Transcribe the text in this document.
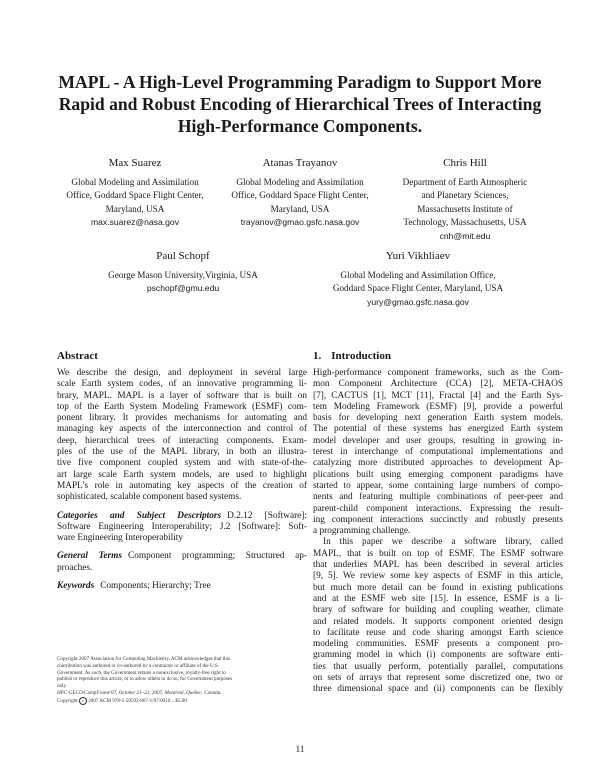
MAPL - A High-Level Programming Paradigm to Support More
Rapid and Robust Encoding of Hierarchical Trees of Interacting
High-Performance Components.
Max Suarez
Global Modeling and Assimilation
Office, Goddard Space Flight Center,
Maryland, USA
max.suarez@nasa.gov
Atanas Trayanov
Global Modeling and Assimilation
Office, Goddard Space Flight Center,
Maryland, USA
trayanov@gmao.gsfc.nasa.gov
Chris Hill
Department of Earth Atmospheric
and Planetary Sciences,
Massachusetts Institute of
Technology, Massachusetts, USA
cnh@mit.edu
Paul Schopf
George Mason University,Virginia, USA
pschopf@gmu.edu
Yuri Vikhliaev
Global Modeling and Assimilation Office,
Goddard Space Flight Center, Maryland, USA
yury@gmao.gsfc.nasa.gov
Abstract
We describe the design, and deployment in several large
scale Earth system codes, of an innovative programming li-
brary, MAPL. MAPL is a layer of software that is built on
top of the Earth System Modeling Framework (ESMF) com-
ponent library. It provides mechanisms for automating and
managing key aspects of the interconnection and control of
deep, hierarchical trees of interacting components. Exam-
ples of the use of the MAPL library, in both an illustra-
tive five component coupled system and with state-of-the-
art large scale Earth system models, are used to highlight
MAPL's role in automating key aspects of the creation of
sophisticated, scalable component based systems.
Categories and Subject Descriptors D.2.12 [Software]:
Software Engineering Interoperability; J.2 [Software]: Soft-
ware Engineering Interoperability
General Terms Component programming; Structured ap-
proaches.
Keywords Components; Hierarchy; Tree
Copyright 2007 Association for Computing Machinery. ACM acknowledges that this
contribution was authored or co-authored by a contractor or affiliate of the U.S.
Government. As such, the Government retains a nonexclusive, royalty-free right to
publish or reproduce this article, or to allow others to do so, for Government purposes
only.
HPC-GECO/CompFrame'07, October 21–22, 2007, Montréal, Québec, Canada.
Copyright c 2007 ACM 978-1-59593-867-1/07/0010 ...$5.00
1. Introduction
High-performance component frameworks, such as the Com-
mon Component Architecture (CCA) [2], META-CHAOS
[7], CACTUS [1], MCT [11], Fractal [4] and the Earth Sys-
tem Modeling Framework (ESMF) [9], provide a powerful
basis for developing next generation Earth system models.
The potential of these systems has energized Earth system
model developer and user groups, resulting in growing in-
terest in interchange of computational implementations and
catalyzing more distributed approaches to development Ap-
plications built using emerging component paradigms have
started to appear, some containing large numbers of compo-
nents and featuring multiple combinations of peer-peer and
parent-child component interactions. Expressing the result-
ing component interactions succinctly and robustly presents
a programming challenge.
In this paper we describe a software library, called
MAPL, that is built on top of ESMF. The ESMF software
that underlies MAPL has been described in several articles
[9, 5]. We review some key aspects of ESMF in this article,
but much more detail can be found in existing publications
and at the ESMF web site [15]. In essence, ESMF is a li-
brary of software for building and coupling weather, climate
and related models. It supports component oriented design
to facilitate reuse and code sharing amongst Earth science
modeling communities. ESMF presents a component pro-
gramming model in which (i) components are software enti-
ties that usually perform, potentially parallel, computations
on sets of arrays that represent some discretized one, two or
three dimensional space and (ii) components can be flexibly
11
